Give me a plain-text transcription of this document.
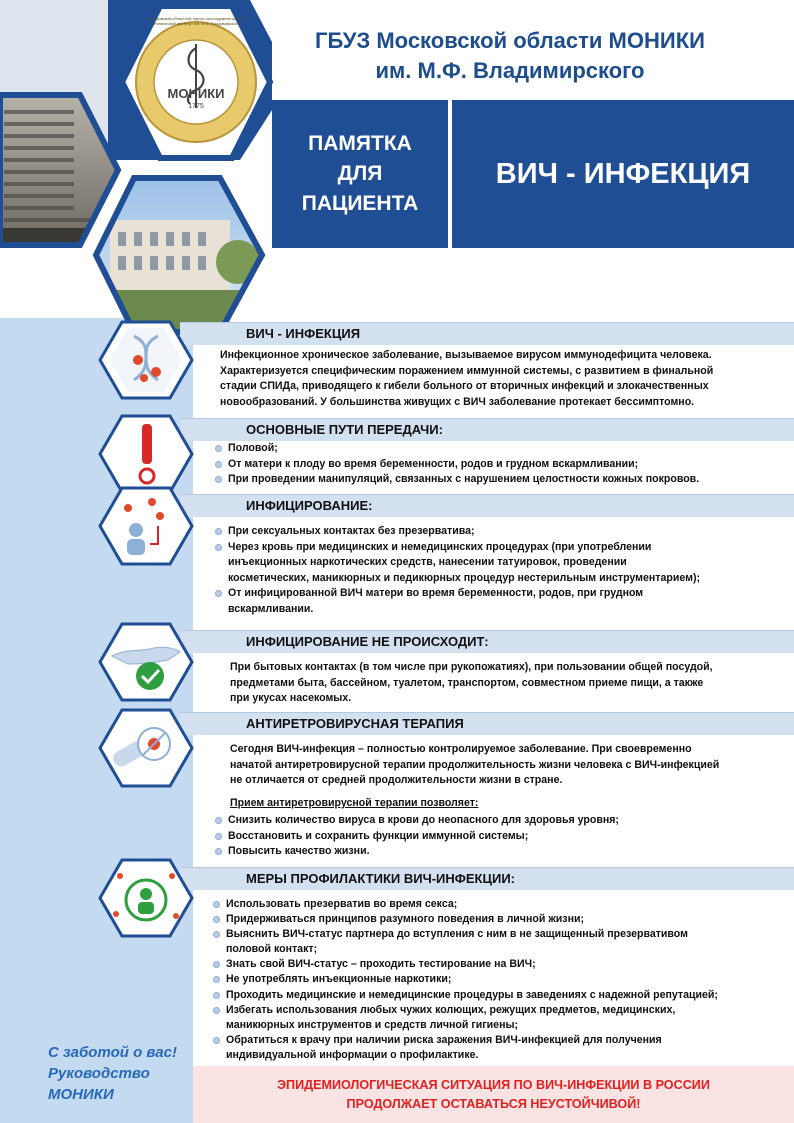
МОНИКИ
1775
Московский областной научно-исследовательский клинический институт им. М.Ф. Владимирского
ГБУЗ Московской области МОНИКИ
им. М.Ф. Владимирского
ПАМЯТКА
ДЛЯ
ПАЦИЕНТА
ВИЧ - ИНФЕКЦИЯ
ВИЧ - ИНФЕКЦИЯ
Инфекционное хроническое заболевание, вызываемое вирусом иммунодефицита человека.
Характеризуется специфическим поражением иммунной системы, с развитием в финальной
стадии СПИДа, приводящего к гибели больного от вторичных инфекций и злокачественных
новообразований. У большинства живущих с ВИЧ заболевание протекает бессимптомно.
ОСНОВНЫЕ ПУТИ ПЕРЕДАЧИ:
Половой;
От матери к плоду во время беременности, родов и грудном вскармливании;
При проведении манипуляций, связанных с нарушением целостности кожных покровов.
ИНФИЦИРОВАНИЕ:
При сексуальных контактах без презерватива;
Через кровь при медицинских и немедицинских процедурах (при употреблении
инъекционных наркотических средств, нанесении татуировок, проведении
косметических, маникюрных и педикюрных процедур нестерильным инструментарием);
От инфицированной ВИЧ матери во время беременности, родов, при грудном
вскармливании.
ИНФИЦИРОВАНИЕ НЕ ПРОИСХОДИТ:
При бытовых контактах (в том числе при рукопожатиях), при пользовании общей посудой,
предметами быта, бассейном, туалетом, транспортом, совместном приеме пищи, а также
при укусах насекомых.
АНТИРЕТРОВИРУСНАЯ ТЕРАПИЯ
Сегодня ВИЧ-инфекция – полностью контролируемое заболевание. При своевременно
начатой антиретровирусной терапии продолжительность жизни человека с ВИЧ-инфекцией
не отличается от средней продолжительности жизни в стране.
Прием антиретровирусной терапии позволяет:
Снизить количество вируса в крови до неопасного для здоровья уровня;
Восстановить и сохранить функции иммунной системы;
Повысить качество жизни.
МЕРЫ ПРОФИЛАКТИКИ ВИЧ-ИНФЕКЦИИ:
Использовать презерватив во время секса;
Придерживаться принципов разумного поведения в личной жизни;
Выяснить ВИЧ-статус партнера до вступления с ним в не защищенный презервативом
половой контакт;
Знать свой ВИЧ-статус – проходить тестирование на ВИЧ;
Не употреблять инъекционные наркотики;
Проходить медицинские и немедицинские процедуры в заведениях с надежной репутацией;
Избегать использования любых чужих колющих, режущих предметов, медицинских,
маникюрных инструментов и средств личной гигиены;
Обратиться к врачу при наличии риска заражения ВИЧ-инфекцией для получения
индивидуальной информации о профилактике.
С заботой о вас!
Руководство
МОНИКИ
ЭПИДЕМИОЛОГИЧЕСКАЯ СИТУАЦИЯ ПО ВИЧ-ИНФЕКЦИИ В РОССИИ
ПРОДОЛЖАЕТ ОСТАВАТЬСЯ НЕУСТОЙЧИВОЙ!
